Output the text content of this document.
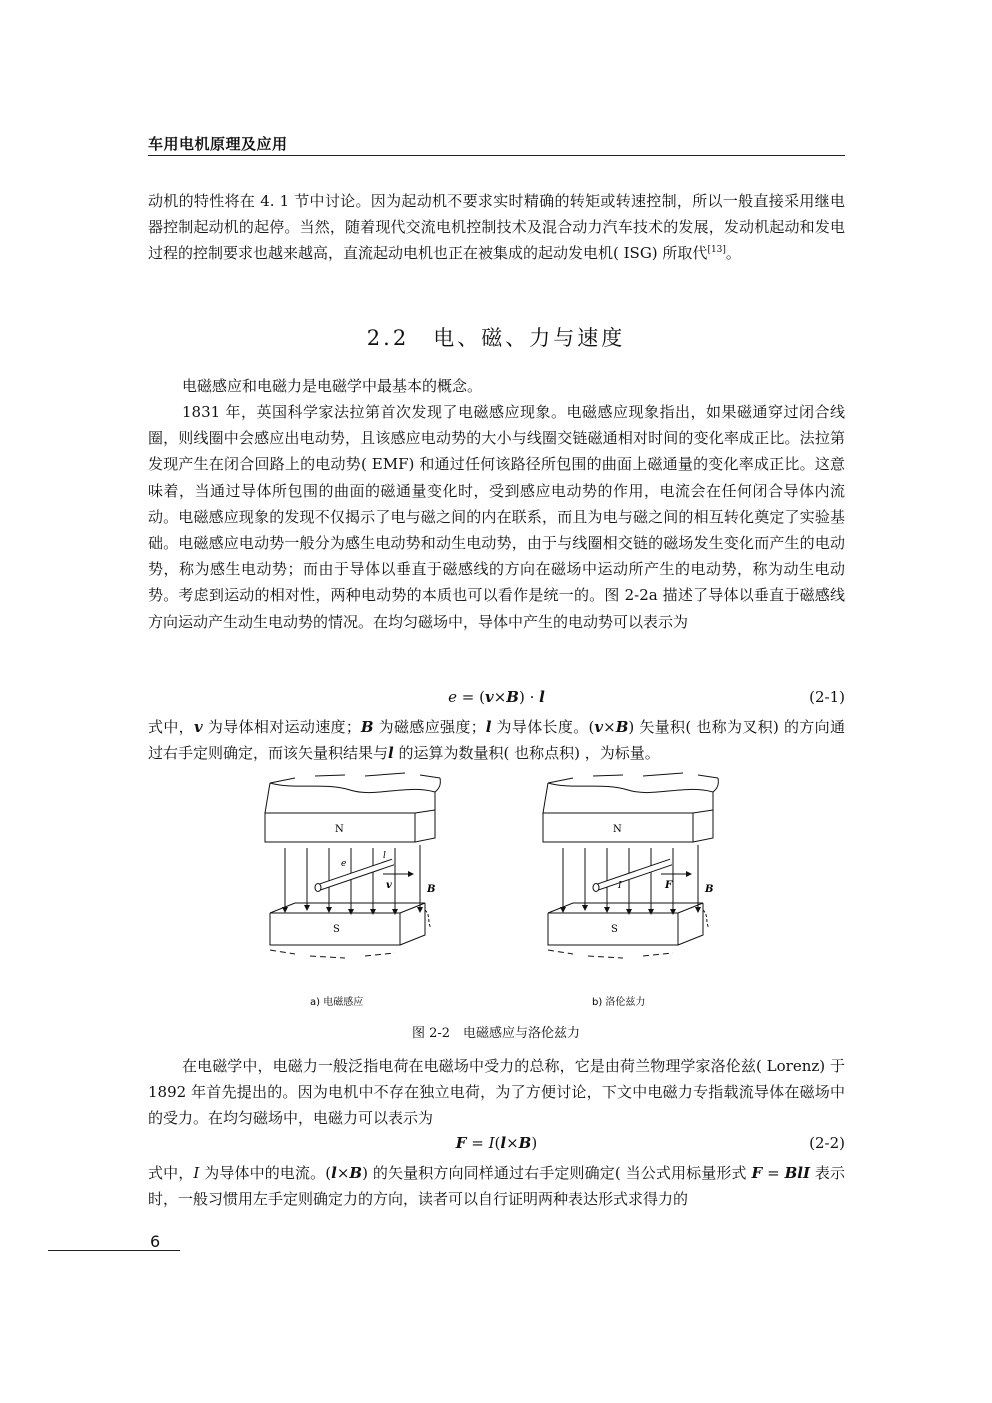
车用电机原理及应用

动机的特性将在 4. 1 节中讨论。因为起动机不要求实时精确的转矩或转速控制，所以一般直接采用继电器控制起动机的起停。当然，随着现代交流电机控制技术及混合动力汽车技术的发展，发动机起动和发电过程的控制要求也越来越高，直流起动电机也正在被集成的起动发电机( ISG) 所取代[13]。

2.2　电、磁、力与速度

电磁感应和电磁力是电磁学中最基本的概念。

1831 年，英国科学家法拉第首次发现了电磁感应现象。电磁感应现象指出，如果磁通穿过闭合线圈，则线圈中会感应出电动势，且该感应电动势的大小与线圈交链磁通相对时间的变化率成正比。法拉第发现产生在闭合回路上的电动势( EMF) 和通过任何该路径所包围的曲面上磁通量的变化率成正比。这意味着，当通过导体所包围的曲面的磁通量变化时，受到感应电动势的作用，电流会在任何闭合导体内流动。电磁感应现象的发现不仅揭示了电与磁之间的内在联系，而且为电与磁之间的相互转化奠定了实验基础。电磁感应电动势一般分为感生电动势和动生电动势，由于与线圈相交链的磁场发生变化而产生的电动势，称为感生电动势；而由于导体以垂直于磁感线的方向在磁场中运动所产生的电动势，称为动生电动势。考虑到运动的相对性，两种电动势的本质也可以看作是统一的。图 2-2a 描述了导体以垂直于磁感线方向运动产生动生电动势的情况。在均匀磁场中，导体中产生的电动势可以表示为

e = (v×B) · l	(2-1)

式中，v 为导体相对运动速度；B 为磁感应强度；l 为导体长度。(v×B) 矢量积( 也称为叉积) 的方向通过右手定则确定，而该矢量积结果与l 的运算为数量积( 也称点积) ，为标量。

N
S
e
l
v	B
a) 电磁感应
N
S
I	F	B
b) 洛伦兹力
图 2-2　电磁感应与洛伦兹力

在电磁学中，电磁力一般泛指电荷在电磁场中受力的总称，它是由荷兰物理学家洛伦兹( Lorenz) 于 1892 年首先提出的。因为电机中不存在独立电荷，为了方便讨论，下文中电磁力专指载流导体在磁场中的受力。在均匀磁场中，电磁力可以表示为

F = I(l×B)	(2-2)

式中，I 为导体中的电流。(l×B) 的矢量积方向同样通过右手定则确定( 当公式用标量形式 F = BlI 表示时，一般习惯用左手定则确定力的方向，读者可以自行证明两种表达形式求得力的

6
